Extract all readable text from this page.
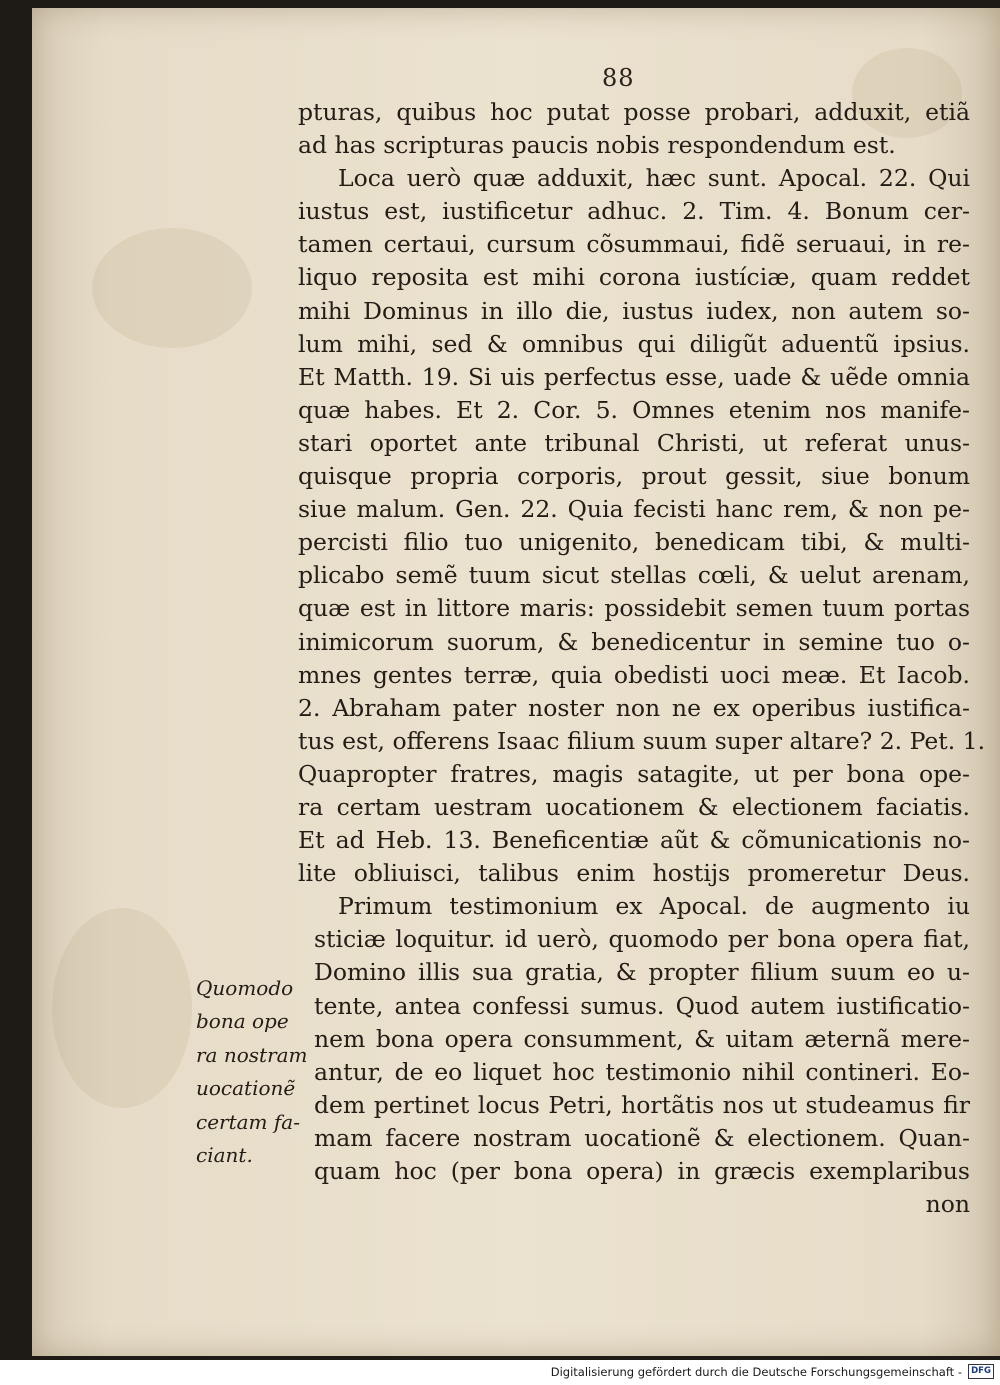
88
pturas, quibus hoc putat posse probari, adduxit, etiã
ad has scripturas paucis nobis respondendum est.
Loca uerò quæ adduxit, hæc sunt. Apocal. 22. Qui
iustus est, iustificetur adhuc. 2. Tim. 4. Bonum cer-
tamen certaui, cursum cõsummaui, fidẽ seruaui, in re-
liquo reposita est mihi corona iustíciæ, quam reddet
mihi Dominus in illo die, iustus iudex, non autem so-
lum mihi, sed & omnibus qui diligũt aduentũ ipsius.
Et Matth. 19. Si uis perfectus esse, uade & uẽde omnia
quæ habes. Et 2. Cor. 5. Omnes etenim nos manife-
stari oportet ante tribunal Christi, ut referat unus-
quisque propria corporis, prout gessit, siue bonum
siue malum. Gen. 22. Quia fecisti hanc rem, & non pe-
percisti filio tuo unigenito, benedicam tibi, & multi-
plicabo semẽ tuum sicut stellas cœli, & uelut arenam,
quæ est in littore maris: possidebit semen tuum portas
inimicorum suorum, & benedicentur in semine tuo o-
mnes gentes terræ, quia obedisti uoci meæ. Et Iacob.
2. Abraham pater noster non ne ex operibus iustifica-
tus est, offerens Isaac filium suum super altare? 2. Pet. 1.
Quapropter fratres, magis satagite, ut per bona ope-
ra certam uestram uocationem & electionem faciatis.
Et ad Heb. 13. Beneficentiæ aũt & cõmunicationis no-
lite obliuisci, talibus enim hostijs promeretur Deus.
Primum testimonium ex Apocal. de augmento iu
sticiæ loquitur. id uerò, quomodo per bona opera fiat,
Domino illis sua gratia, & propter filium suum eo u-
tente, antea confessi sumus. Quod autem iustificatio-
nem bona opera consumment, & uitam æternã mere-
antur, de eo liquet hoc testimonio nihil contineri. Eo-
dem pertinet locus Petri, hortãtis nos ut studeamus fir
mam facere nostram uocationẽ & electionem. Quan-
quam hoc (per bona opera) in græcis exemplaribus
non
Quomodo
bona ope
ra nostram
uocationẽ
certam fa-
ciant.
Digitalisierung gefördert durch die Deutsche Forschungsgemeinschaft -	DFG
